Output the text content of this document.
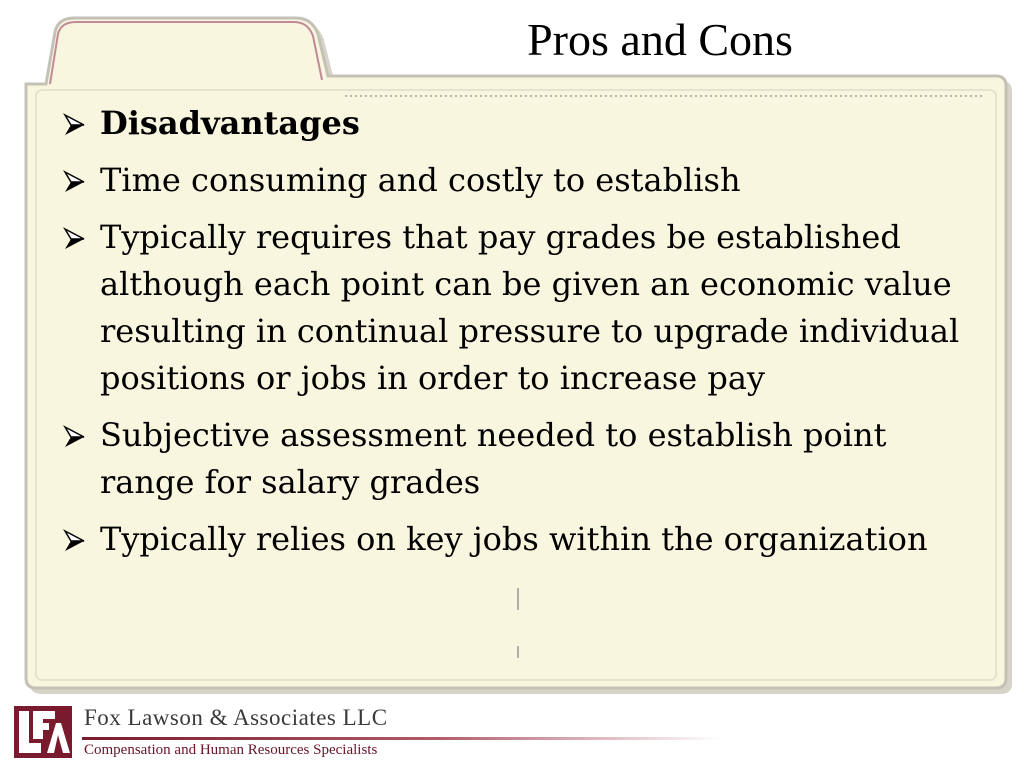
Pros and Cons
Disadvantages
Time consuming and costly to establish
Typically requires that pay grades be established although each point can be given an economic value resulting in continual pressure to upgrade individual positions or jobs in order to increase pay
Subjective assessment needed to establish point range for salary grades
Typically relies on key jobs within the organization
Fox Lawson & Associates LLC
Compensation and Human Resources Specialists
